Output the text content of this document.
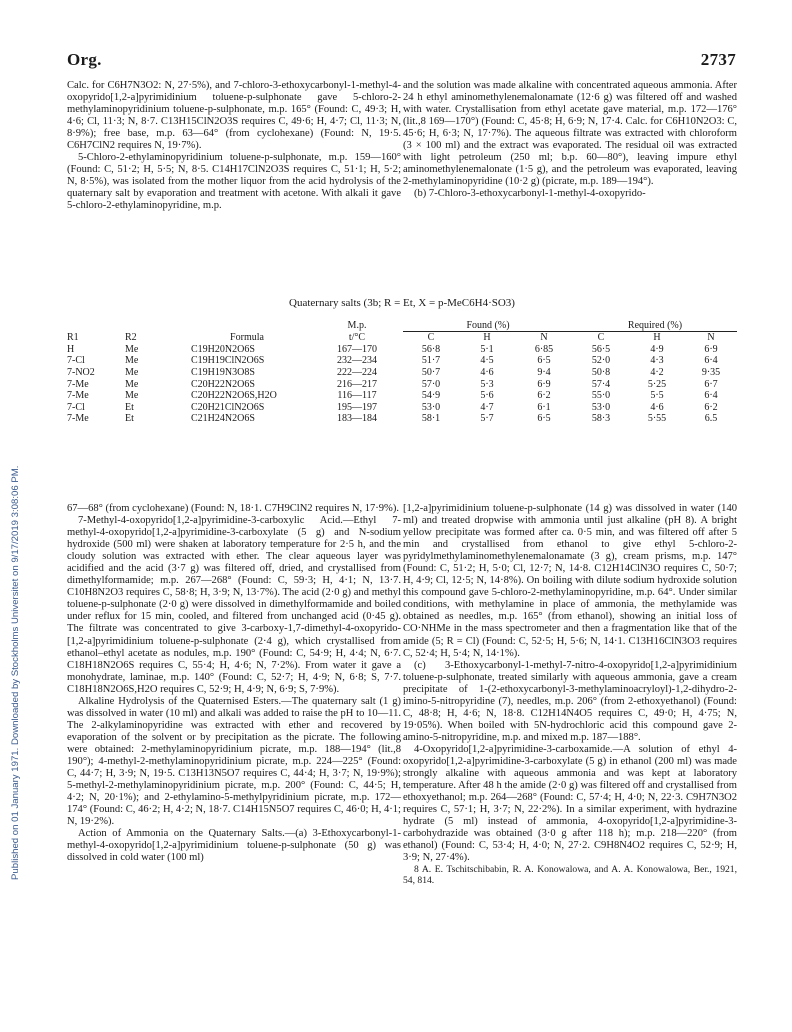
Org.	2737
Published on 01 January 1971. Downloaded by Stockholms Universitet on 9/17/2019 3:08:06 PM.

Calc. for C6H7N3O2: N, 27·5%), and 7-chloro-3-ethoxycarbonyl-1-methyl-4-oxopyrido[1,2-a]pyrimidinium toluene-p-sulphonate gave 5-chloro-2-methylaminopyridinium toluene-p-sulphonate, m.p. 165° (Found: C, 49·3; H, 4·6; Cl, 11·3; N, 8·7. C13H15ClN2O3S requires C, 49·6; H, 4·7; Cl, 11·3; N, 8·9%); free base, m.p. 63—64° (from cyclohexane) (Found: N, 19·5. C6H7ClN2 requires N, 19·7%).

5-Chloro-2-ethylaminopyridinium toluene-p-sulphonate, m.p. 159—160° (Found: C, 51·2; H, 5·5; N, 8·5. C14H17ClN2O3S requires C, 51·1; H, 5·2; N, 8·5%), was isolated from the mother liquor from the acid hydrolysis of the quaternary salt by evaporation and treatment with acetone. With alkali it gave 5-chloro-2-ethylaminopyridine, m.p.

and the solution was made alkaline with concentrated aqueous ammonia. After 24 h ethyl aminomethylenemalonamate (12·6 g) was filtered off and washed with water. Crystallisation from ethyl acetate gave material, m.p. 172—176° (lit.,8 169—170°) (Found: C, 45·8; H, 6·9; N, 17·4. Calc. for C6H10N2O3: C, 45·6; H, 6·3; N, 17·7%). The aqueous filtrate was extracted with chloroform (3 × 100 ml) and the extract was evaporated. The residual oil was extracted with light petroleum (250 ml; b.p. 60—80°), leaving impure ethyl aminomethylenemalonate (1·5 g), and the petroleum was evaporated, leaving 2-methylaminopyridine (10·2 g) (picrate, m.p. 189—194°).

(b) 7-Chloro-3-ethoxycarbonyl-1-methyl-4-oxopyrido-

Quaternary salts (3b; R = Et, X = p-MeC6H4·SO3)
			M.p.	Found (%)			Required (%)		
R1	R2	Formula	t/°C	C	H	N	C	H	N
H	Me	C19H20N2O6S	167—170	56·8	5·1	6·85	56·5	4·9	6·9
7-Cl	Me	C19H19ClN2O6S	232—234	51·7	4·5	6·5	52·0	4·3	6·4
7-NO2	Me	C19H19N3O8S	222—224	50·7	4·6	9·4	50·8	4·2	9·35
7-Me	Me	C20H22N2O6S	216—217	57·0	5·3	6·9	57·4	5·25	6·7
7-Me	Me	C20H22N2O6S,H2O	116—117	54·9	5·6	6·2	55·0	5·5	6·4
7-Cl	Et	C20H21ClN2O6S	195—197	53·0	4·7	6·1	53·0	4·6	6·2
7-Me	Et	C21H24N2O6S	183—184	58·1	5·7	6·5	58·3	5·55	6.5

67—68° (from cyclohexane) (Found: N, 18·1. C7H9ClN2 requires N, 17·9%).

7-Methyl-4-oxopyrido[1,2-a]pyrimidine-3-carboxylic Acid.—Ethyl 7-methyl-4-oxopyrido[1,2-a]pyrimidine-3-carboxylate (5 g) and N-sodium hydroxide (500 ml) were shaken at laboratory temperature for 2·5 h, and the cloudy solution was extracted with ether. The clear aqueous layer was acidified and the acid (3·7 g) was filtered off, dried, and crystallised from dimethylformamide; m.p. 267—268° (Found: C, 59·3; H, 4·1; N, 13·7. C10H8N2O3 requires C, 58·8; H, 3·9; N, 13·7%). The acid (2·0 g) and methyl toluene-p-sulphonate (2·0 g) were dissolved in dimethylformamide and boiled under reflux for 15 min, cooled, and filtered from unchanged acid (0·45 g). The filtrate was concentrated to give 3-carboxy-1,7-dimethyl-4-oxopyrido-[1,2-a]pyrimidinium toluene-p-sulphonate (2·4 g), which crystallised from ethanol–ethyl acetate as nodules, m.p. 190° (Found: C, 54·9; H, 4·4; N, 6·7. C18H18N2O6S requires C, 55·4; H, 4·6; N, 7·2%). From water it gave a monohydrate, laminae, m.p. 140° (Found: C, 52·7; H, 4·9; N, 6·8; S, 7·7. C18H18N2O6S,H2O requires C, 52·9; H, 4·9; N, 6·9; S, 7·9%).

Alkaline Hydrolysis of the Quaternised Esters.—The quaternary salt (1 g) was dissolved in water (10 ml) and alkali was added to raise the pH to 10—11. The 2-alkylaminopyridine was extracted with ether and recovered by evaporation of the solvent or by precipitation as the picrate. The following were obtained: 2-methylaminopyridinium picrate, m.p. 188—194° (lit.,8 190°); 4-methyl-2-methylaminopyridinium picrate, m.p. 224—225° (Found: C, 44·7; H, 3·9; N, 19·5. C13H13N5O7 requires C, 44·4; H, 3·7; N, 19·9%); 5-methyl-2-methylaminopyridinium picrate, m.p. 200° (Found: C, 44·5; H, 4·2; N, 20·1%); and 2-ethylamino-5-methylpyridinium picrate, m.p. 172—174° (Found: C, 46·2; H, 4·2; N, 18·7. C14H15N5O7 requires C, 46·0; H, 4·1; N, 19·2%).

Action of Ammonia on the Quaternary Salts.—(a) 3-Ethoxycarbonyl-1-methyl-4-oxopyrido[1,2-a]pyrimidinium toluene-p-sulphonate (50 g) was dissolved in cold water (100 ml)

[1,2-a]pyrimidinium toluene-p-sulphonate (14 g) was dissolved in water (140 ml) and treated dropwise with ammonia until just alkaline (pH 8). A bright yellow precipitate was formed after ca. 0·5 min, and was filtered off after 5 min and crystallised from ethanol to give ethyl 5-chloro-2-pyridylmethylaminomethylenemalonamate (3 g), cream prisms, m.p. 147° (Found: C, 51·2; H, 5·0; Cl, 12·7; N, 14·8. C12H14ClN3O requires C, 50·7; H, 4·9; Cl, 12·5; N, 14·8%). On boiling with dilute sodium hydroxide solution this compound gave 5-chloro-2-methylaminopyridine, m.p. 64°. Under similar conditions, with methylamine in place of ammonia, the methylamide was obtained as needles, m.p. 165° (from ethanol), showing an initial loss of CO·NHMe in the mass spectrometer and then a fragmentation like that of the amide (5; R = Cl) (Found: C, 52·5; H, 5·6; N, 14·1. C13H16ClN3O3 requires C, 52·4; H, 5·4; N, 14·1%).

(c) 3-Ethoxycarbonyl-1-methyl-7-nitro-4-oxopyrido[1,2-a]pyrimidinium toluene-p-sulphonate, treated similarly with aqueous ammonia, gave a cream precipitate of 1-(2-ethoxycarbonyl-3-methylaminoacryloyl)-1,2-dihydro-2-imino-5-nitropyridine (7), needles, m.p. 206° (from 2-ethoxyethanol) (Found: C, 48·8; H, 4·6; N, 18·8. C12H14N4O5 requires C, 49·0; H, 4·75; N, 19·05%). When boiled with 5N-hydrochloric acid this compound gave 2-amino-5-nitropyridine, m.p. and mixed m.p. 187—188°.

4-Oxopyrido[1,2-a]pyrimidine-3-carboxamide.—A solution of ethyl 4-oxopyrido[1,2-a]pyrimidine-3-carboxylate (5 g) in ethanol (200 ml) was made strongly alkaline with aqueous ammonia and was kept at laboratory temperature. After 48 h the amide (2·0 g) was filtered off and crystallised from ethoxyethanol; m.p. 264—268° (Found: C, 57·4; H, 4·0; N, 22·3. C9H7N3O2 requires C, 57·1; H, 3·7; N, 22·2%). In a similar experiment, with hydrazine hydrate (5 ml) instead of ammonia, 4-oxopyrido[1,2-a]pyrimidine-3-carbohydrazide was obtained (3·0 g after 118 h); m.p. 218—220° (from ethanol) (Found: C, 53·4; H, 4·0; N, 27·2. C9H8N4O2 requires C, 52·9; H, 3·9; N, 27·4%).

8 A. E. Tschitschibabin, R. A. Konowalowa, and A. A. Konowalowa, Ber., 1921, 54, 814.
